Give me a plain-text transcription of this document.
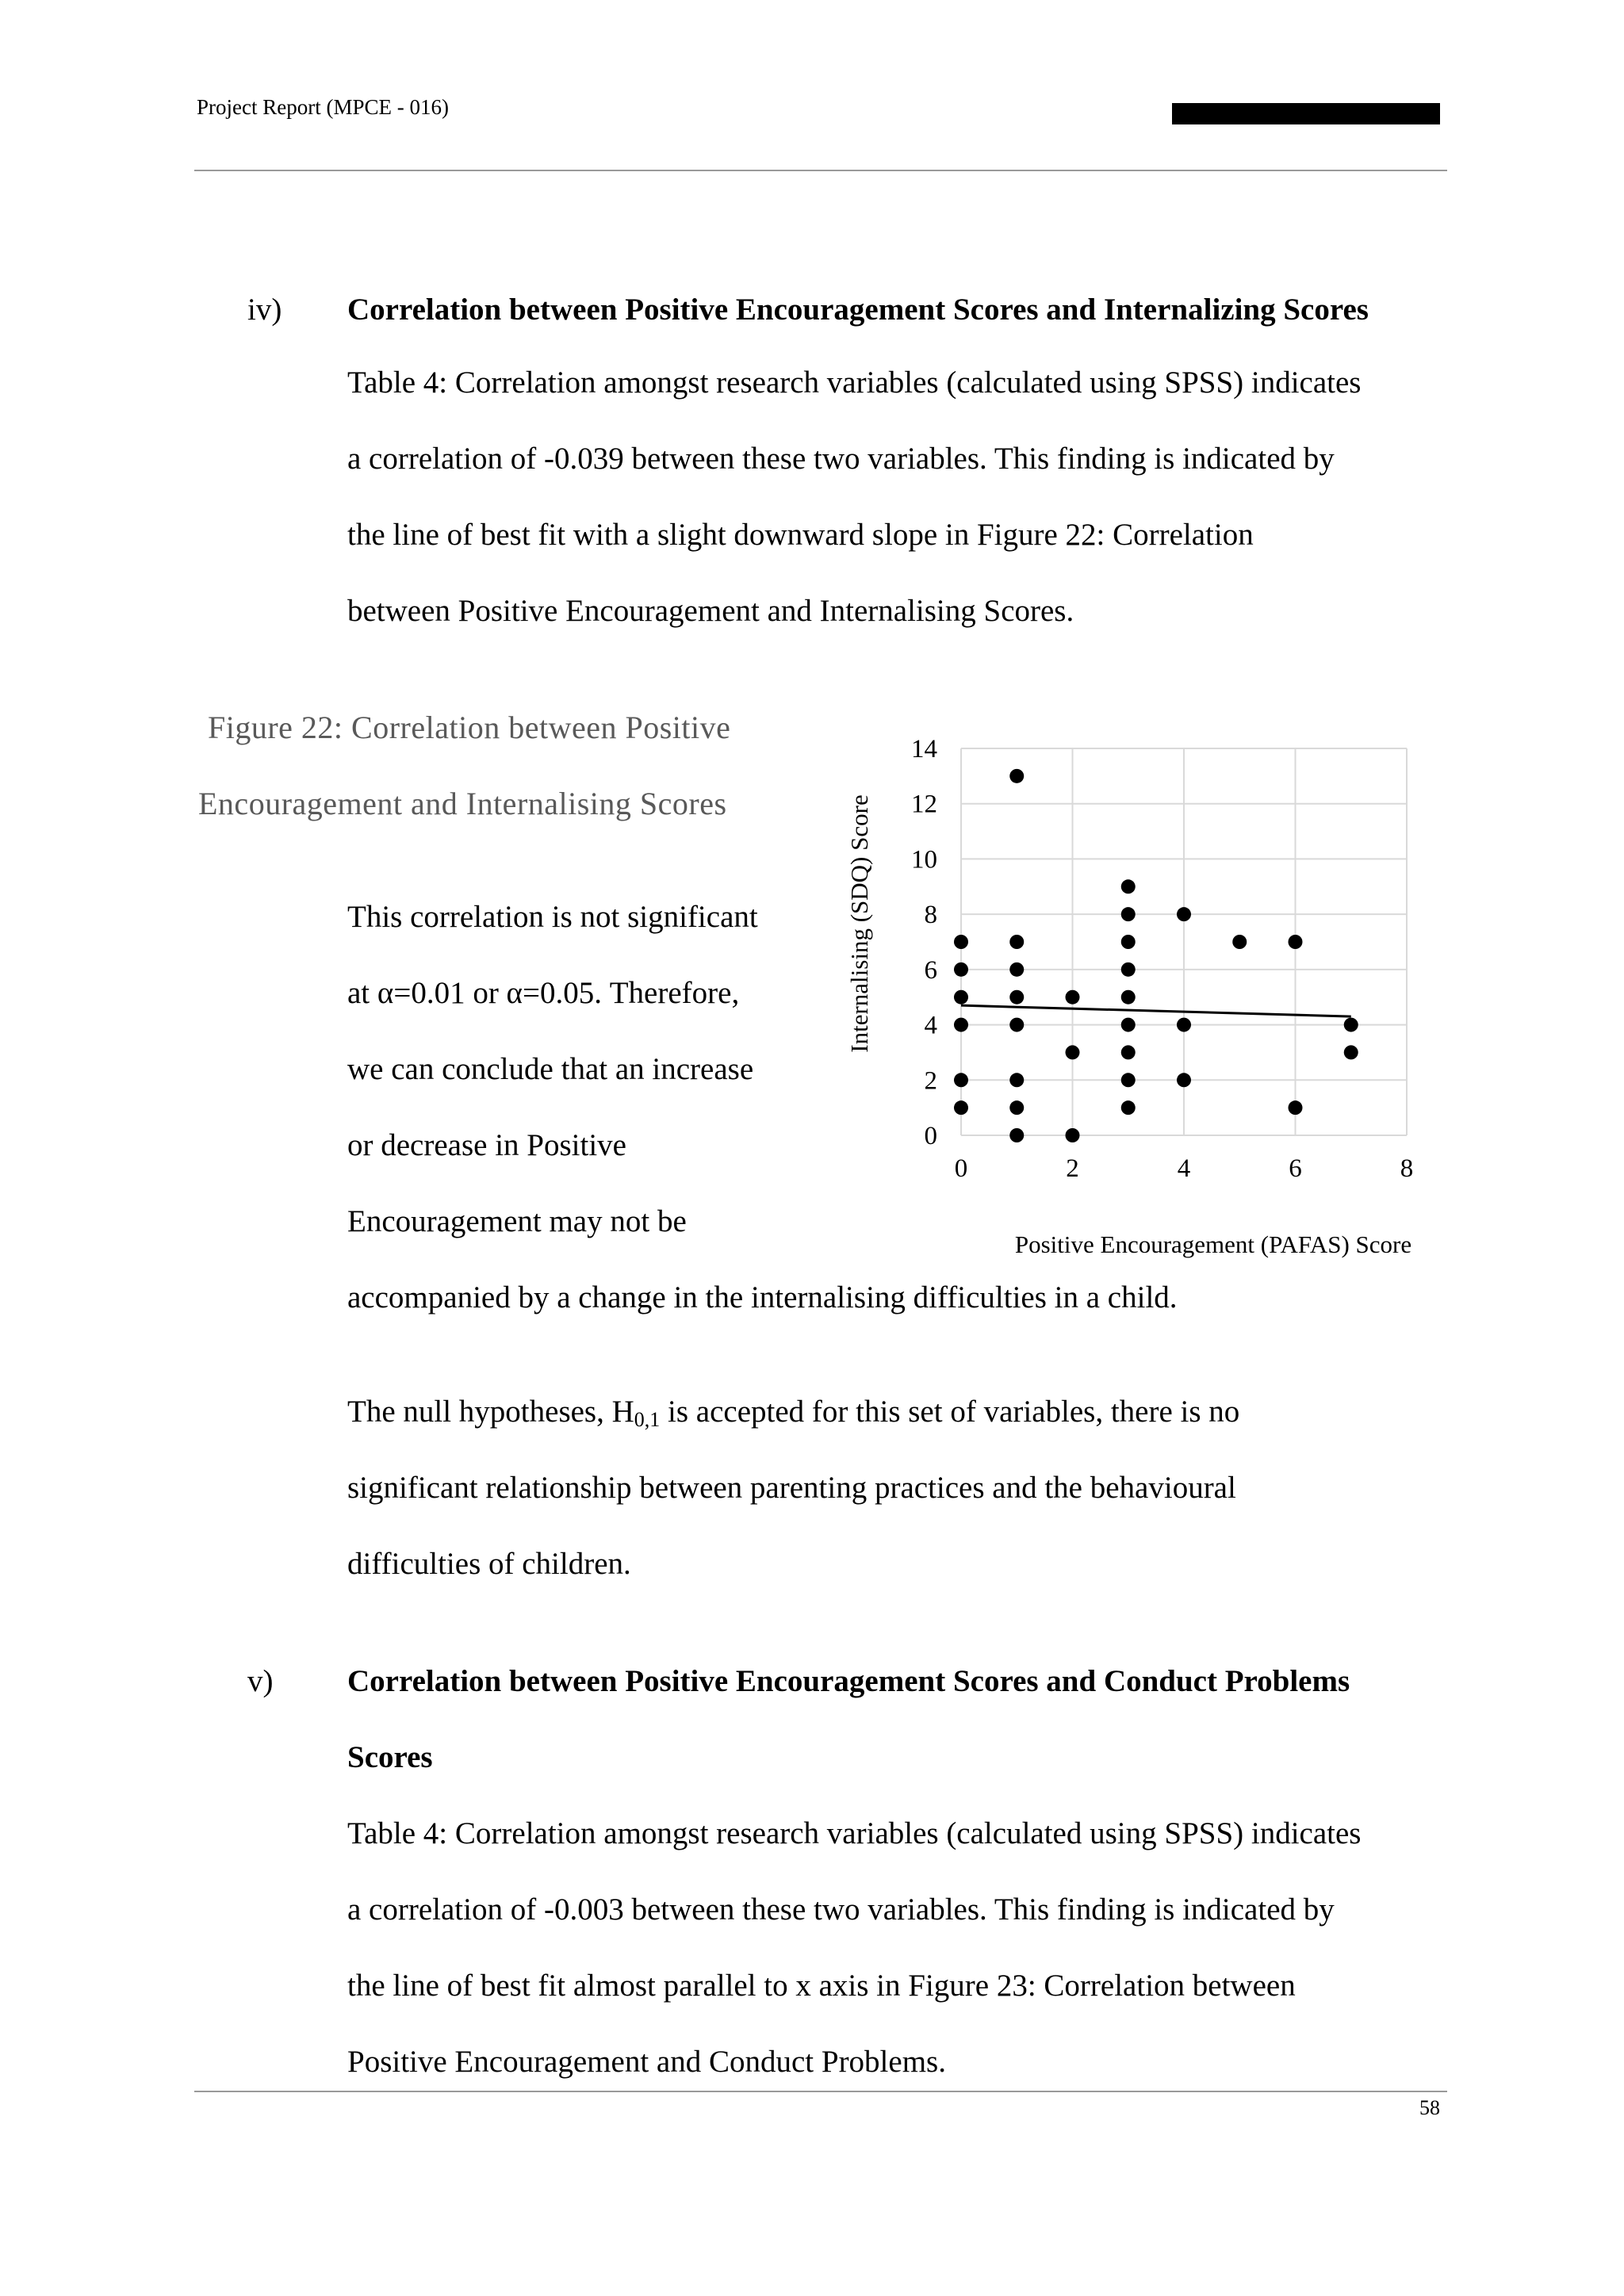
Project Report (MPCE - 016)
iv) Correlation between Positive Encouragement Scores and Internalizing Scores
Table 4: Correlation amongst research variables (calculated using SPSS) indicates
a correlation of -0.039 between these two variables. This finding is indicated by
the line of best fit with a slight downward slope in Figure 22: Correlation
between Positive Encouragement and Internalising Scores.
Figure 22: Correlation between Positive
Encouragement and Internalising Scores
This correlation is not significant
at α=0.01 or α=0.05. Therefore,
we can conclude that an increase
or decrease in Positive
Encouragement may not be
accompanied by a change in the internalising difficulties in a child.
0
2
4
6
8
10
12
14
0	2	4	6	8
Internalising (SDQ) Score
Positive Encouragement (PAFAS) Score
The null hypotheses, $H_{0,1}$ is accepted for this set of variables, there is no
significant relationship between parenting practices and the behavioural
difficulties of children.
v) Correlation between Positive Encouragement Scores and Conduct Problems
Scores
Table 4: Correlation amongst research variables (calculated using SPSS) indicates
a correlation of -0.003 between these two variables. This finding is indicated by
the line of best fit almost parallel to x axis in Figure 23: Correlation between
Positive Encouragement and Conduct Problems.
58
